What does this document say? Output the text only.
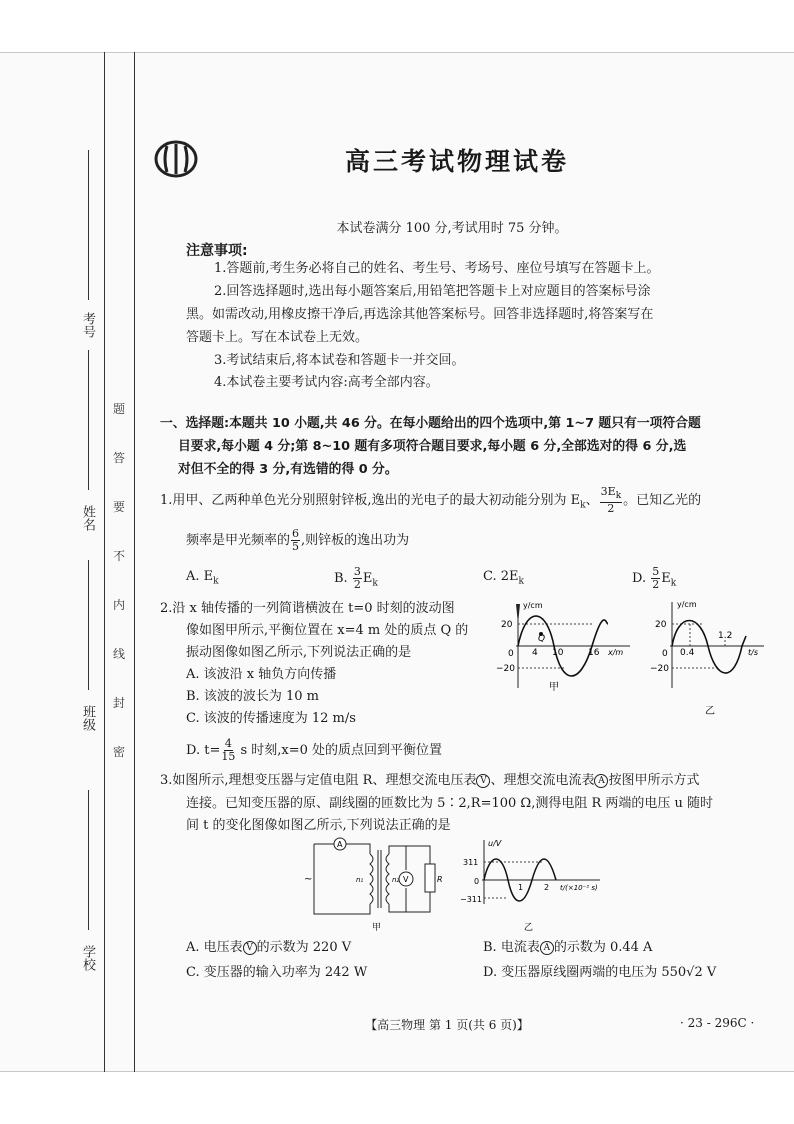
考号
姓名
班级
学校
题
答
要
不
内
线
封
密
高三考试物理试卷
本试卷满分 100 分,考试用时 75 分钟。
注意事项:
1.答题前,考生务必将自己的姓名、考生号、考场号、座位号填写在答题卡上。
2.回答选择题时,选出每小题答案后,用铅笔把答题卡上对应题目的答案标号涂
黑。如需改动,用橡皮擦干净后,再选涂其他答案标号。回答非选择题时,将答案写在
答题卡上。写在本试卷上无效。
3.考试结束后,将本试卷和答题卡一并交回。
4.本试卷主要考试内容:高考全部内容。
一、选择题:本题共 10 小题,共 46 分。在每小题给出的四个选项中,第 1~7 题只有一项符合题
目要求,每小题 4 分;第 8~10 题有多项符合题目要求,每小题 6 分,全部选对的得 6 分,选
对但不全的得 3 分,有选错的得 0 分。
1.用甲、乙两种单色光分别照射锌板,逸出的光电子的最大初动能分别为 $E_k$、 $\frac{3E_k}{2}$ 。已知乙光的
频率是甲光频率的 $\frac{6}{5}$ ,则锌板的逸出功为
A. $E_k$	B. $\frac{3}{2} E_k$	C. $2E_k$	D. $\frac{5}{2} E_k$
2.沿 x 轴传播的一列简谐横波在 t=0 时刻的波动图
像如图甲所示,平衡位置在 x=4 m 处的质点 Q 的
振动图像如图乙所示,下列说法正确的是
A. 该波沿 x 轴负方向传播
B. 该波的波长为 10 m
C. 该波的传播速度为 12 m/s
D. $t= \frac{4}{15}$ s 时刻,x=0 处的质点回到平衡位置
y/cm
20
−20
0 4 10	16 x/m
Q
甲
y/cm
20
−20
0 0.4
1.2
t/s
乙
3.如图所示,理想变压器与定值电阻 R、理想交流电压表 V 、理想交流电流表 A 按图甲所示方式
连接。已知变压器的原、副线圈的匝数比为 5∶2,R=100 Ω,测得电阻 R 两端的电压 u 随时
间 t 的变化图像如图乙所示,下列说法正确的是
A
~	V
n₁	n₂	R
甲
u/V
311
−311
0
1	2 t/(×10⁻² s)
乙
A. 电压表 V 的示数为 220 V	B. 电流表 A 的示数为 0.44 A
C. 变压器的输入功率为 242 W	D. 变压器原线圈两端的电压为 550√2 V
【高三物理 第 1 页(共 6 页)】	· 23 - 296C ·
